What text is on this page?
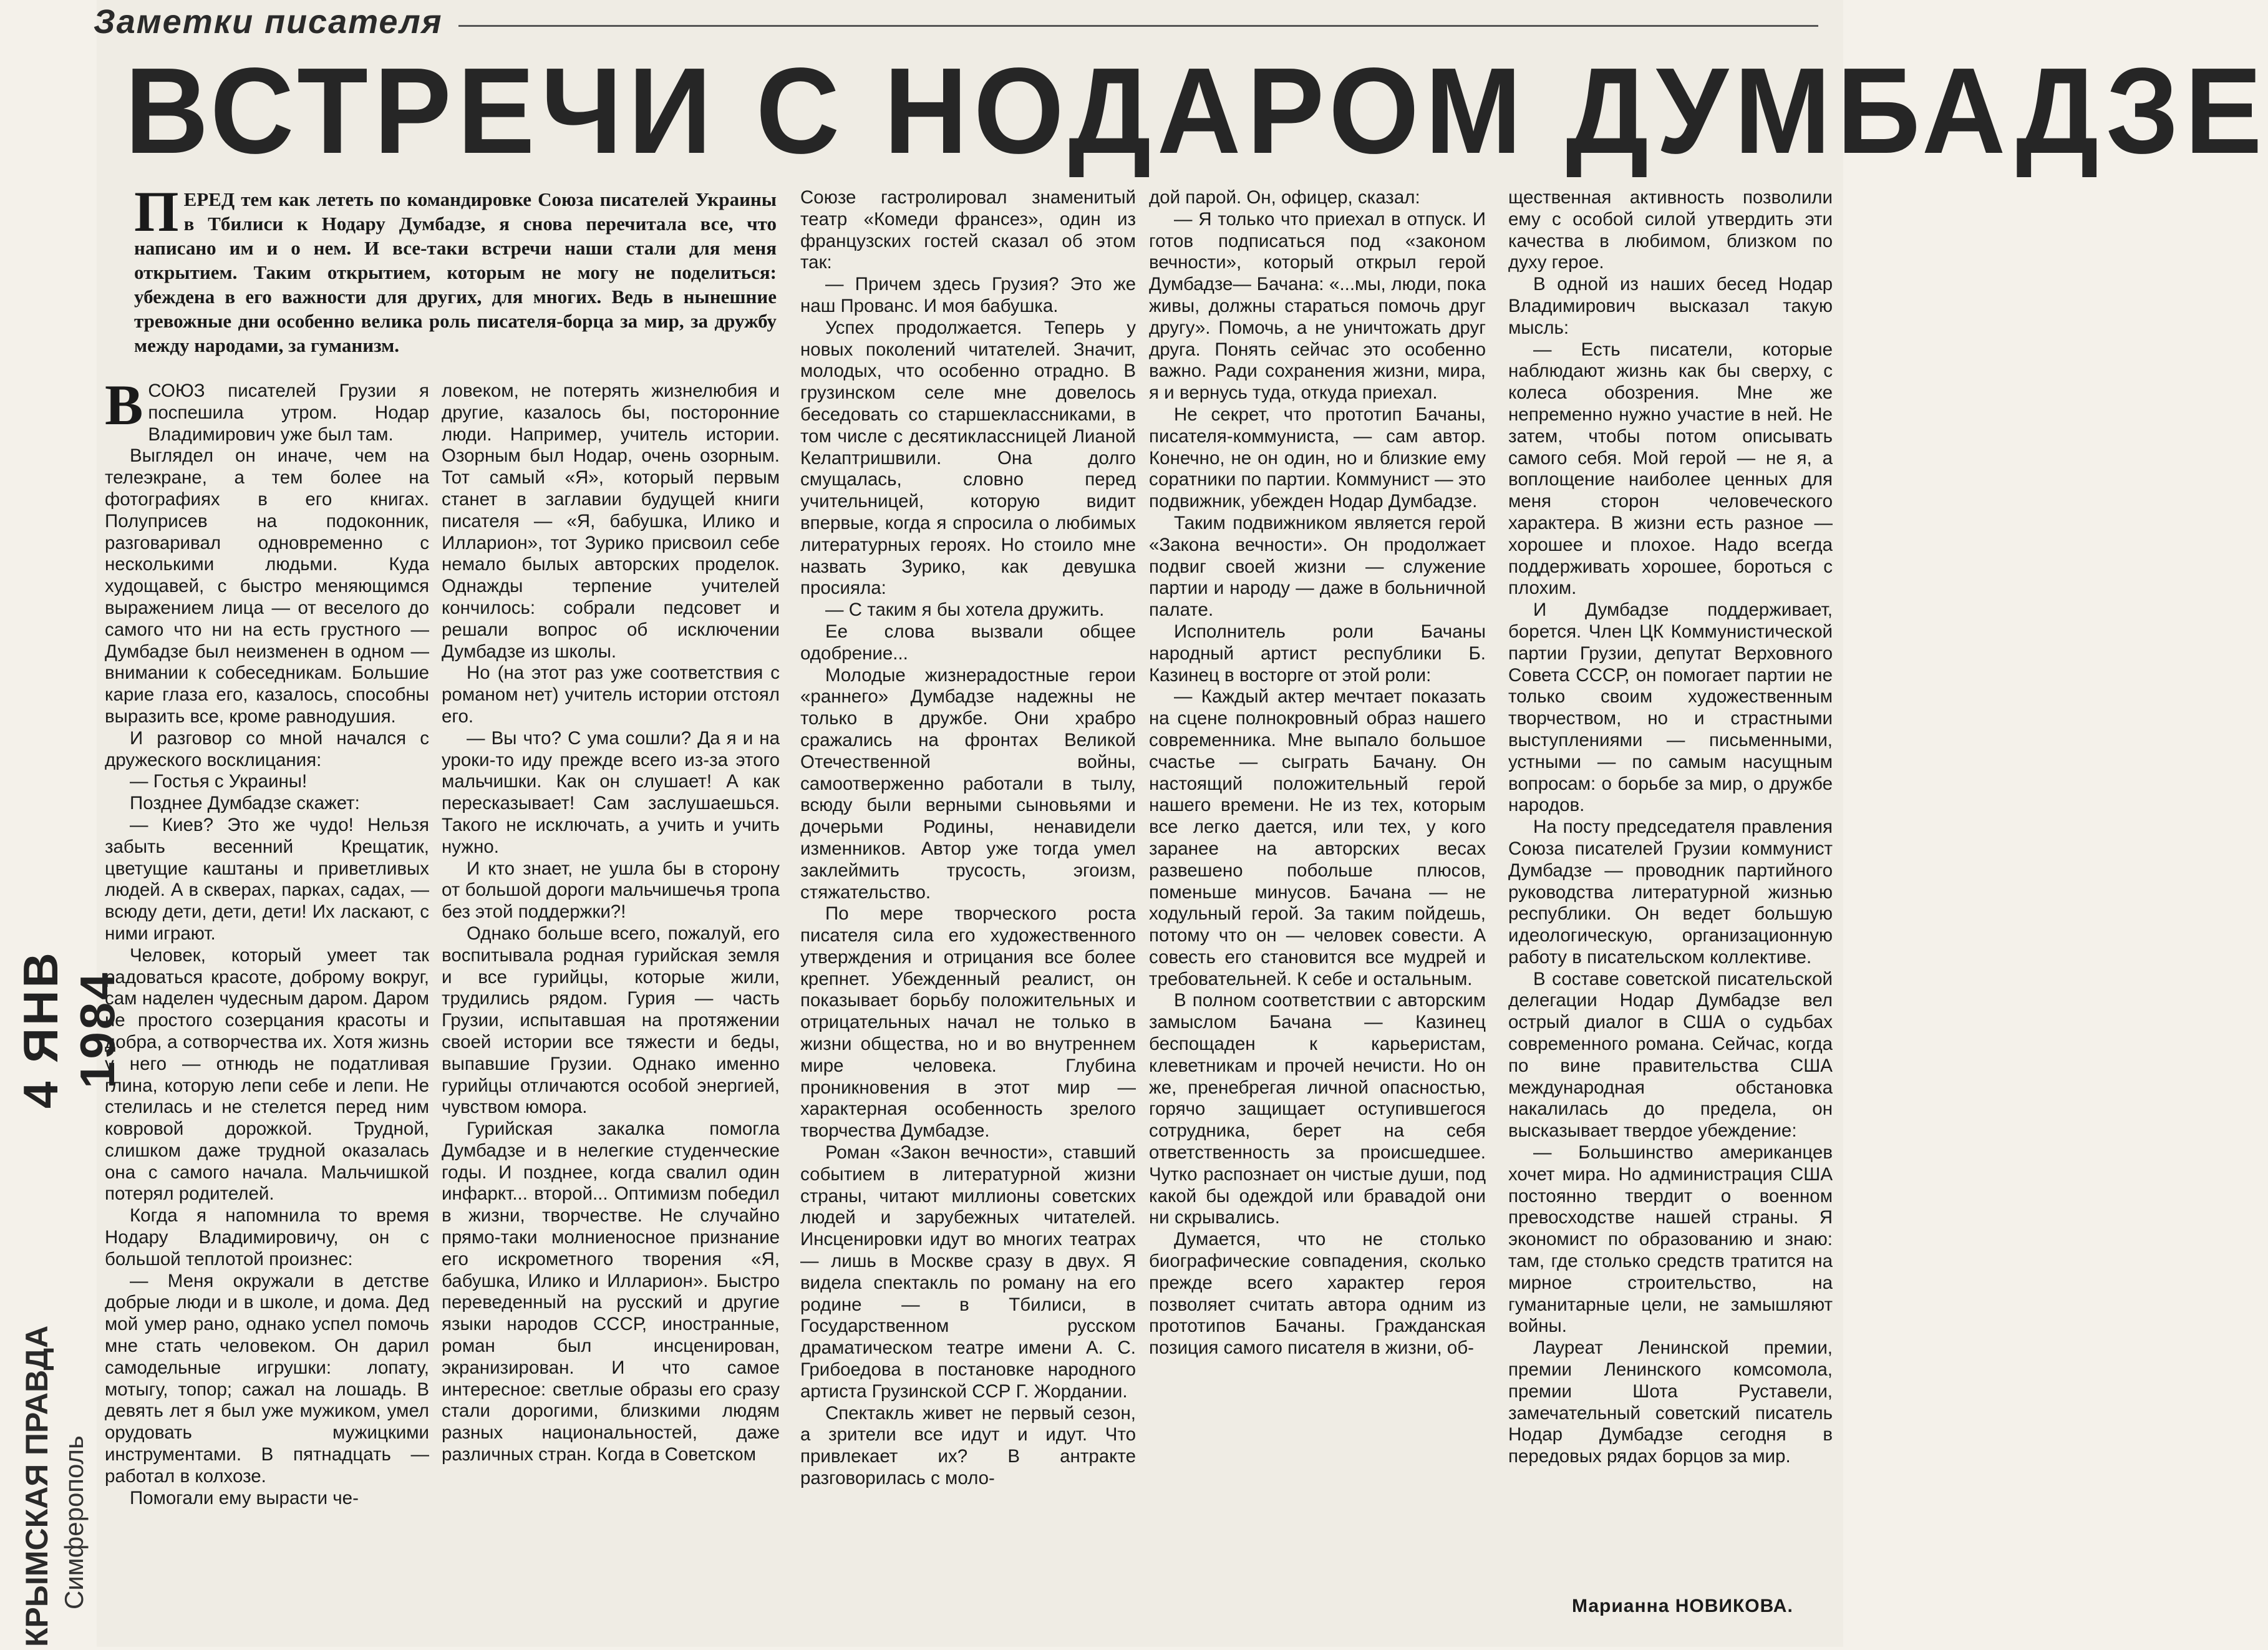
Заметки писателя
ВСТРЕЧИ С НОДАРОМ ДУМБАДЗЕ
П ЕРЕД тем как лететь по командировке Союза писателей Украины в Тбилиси к Нодару Думбадзе, я снова перечитала все, что написано им и о нем. И все-таки встречи наши стали для меня открытием. Таким открытием, которым не могу не поделиться: убеждена в его важности для других, для многих. Ведь в нынешние тревожные дни особенно велика роль писателя-борца за мир, за дружбу между народами, за гуманизм.

ВСОЮЗ писателей Грузии я поспешила утром. Нодар Владимирович уже был там.

Выглядел он иначе, чем на телеэкране, а тем более на фотографиях в его книгах. Полуприсев на подоконник, разговаривал одновременно с несколькими людьми. Куда худощавей, с быстро меняющимся выражением лица — от веселого до самого что ни на есть грустного — Думбадзе был неизменен в одном — внимании к собеседникам. Большие карие глаза его, казалось, способны выразить все, кроме равнодушия.

И разговор со мной начался с дружеского восклицания:

— Гостья с Украины!

Позднее Думбадзе скажет:

— Киев? Это же чудо! Нельзя забыть весенний Крещатик, цветущие каштаны и приветливых людей. А в скверах, парках, садах, — всюду дети, дети, дети! Их ласкают, с ними играют.

Человек, который умеет так радоваться красоте, доброму вокруг, сам наделен чудесным даром. Даром не простого созерцания красоты и добра, а сотворчества их. Хотя жизнь у него — отнюдь не податливая глина, которую лепи себе и лепи. Не стелилась и не стелется перед ним ковровой дорожкой. Трудной, слишком даже трудной оказалась она с самого начала. Мальчишкой потерял родителей.

Когда я напомнила то время Нодару Владимировичу, он с большой теплотой произнес:

— Меня окружали в детстве добрые люди и в школе, и дома. Дед мой умер рано, однако успел помочь мне стать человеком. Он дарил самодельные игрушки: лопату, мотыгу, топор; сажал на лошадь. В девять лет я был уже мужиком, умел орудовать мужицкими инструментами. В пятнадцать — работал в колхозе.

Помогали ему вырасти че-

ловеком, не потерять жизнелюбия и другие, казалось бы, посторонние люди. Например, учитель истории. Озорным был Нодар, очень озорным. Тот самый «Я», который первым станет в заглавии будущей книги писателя — «Я, бабушка, Илико и Илларион», тот Зурико присвоил себе немало былых авторских проделок. Однажды терпение учителей кончилось: собрали педсовет и решали вопрос об исключении Думбадзе из школы.

Но (на этот раз уже соответствия с романом нет) учитель истории отстоял его.

— Вы что? С ума сошли? Да я и на уроки-то иду прежде всего из-за этого мальчишки. Как он слушает! А как пересказывает! Сам заслушаешься. Такого не исключать, а учить и учить нужно.

И кто знает, не ушла бы в сторону от большой дороги мальчишечья тропа без этой поддержки?!

Однако больше всего, пожалуй, его воспитывала родная гурийская земля и все гурийцы, которые жили, трудились рядом. Гурия — часть Грузии, испытавшая на протяжении своей истории все тяжести и беды, выпавшие Грузии. Однако именно гурийцы отличаются особой энергией, чувством юмора.

Гурийская закалка помогла Думбадзе и в нелегкие студенческие годы. И позднее, когда свалил один инфаркт... второй... Оптимизм победил в жизни, творчестве. Не случайно прямо-таки молниеносное признание его искрометного творения «Я, бабушка, Илико и Илларион». Быстро переведенный на русский и другие языки народов СССР, иностранные, роман был инсценирован, экранизирован. И что самое интересное: светлые образы его сразу стали дорогими, близкими людям разных национальностей, даже различных стран. Когда в Советском

Союзе гастролировал знаменитый театр «Комеди франсез», один из французских гостей сказал об этом так:

— Причем здесь Грузия? Это же наш Прованс. И моя бабушка.

Успех продолжается. Теперь у новых поколений читателей. Значит, молодых, что особенно отрадно. В грузинском селе мне довелось беседовать со старшеклассниками, в том числе с десятиклассницей Лианой Келаптришвили. Она долго смущалась, словно перед учительницей, которую видит впервые, когда я спросила о любимых литературных героях. Но стоило мне назвать Зурико, как девушка просияла:

— С таким я бы хотела дружить.

Ее слова вызвали общее одобрение...

Молодые жизнерадостные герои «раннего» Думбадзе надежны не только в дружбе. Они храбро сражались на фронтах Великой Отечественной войны, самоотверженно работали в тылу, всюду были верными сыновьями и дочерьми Родины, ненавидели изменников. Автор уже тогда умел заклеймить трусость, эгоизм, стяжательство.

По мере творческого роста писателя сила его художественного утверждения и отрицания все более крепнет. Убежденный реалист, он показывает борьбу положительных и отрицательных начал не только в жизни общества, но и во внутреннем мире человека. Глубина проникновения в этот мир — характерная особенность зрелого творчества Думбадзе.

Роман «Закон вечности», ставший событием в литературной жизни страны, читают миллионы советских людей и зарубежных читателей. Инсценировки идут во многих театрах — лишь в Москве сразу в двух. Я видела спектакль по роману на его родине — в Тбилиси, в Государственном русском драматическом театре имени А. С. Грибоедова в постановке народного артиста Грузинской ССР Г. Жордании.

Спектакль живет не первый сезон, а зрители все идут и идут. Что привлекает их? В антракте разговорилась с моло-

дой парой. Он, офицер, сказал:

— Я только что приехал в отпуск. И готов подписаться под «законом вечности», который открыл герой Думбадзе— Бачана: «...мы, люди, пока живы, должны стараться помочь друг другу». Помочь, а не уничтожать друг друга. Понять сейчас это особенно важно. Ради сохранения жизни, мира, я и вернусь туда, откуда приехал.

Не секрет, что прототип Бачаны, писателя-коммуниста, — сам автор. Конечно, не он один, но и близкие ему соратники по партии. Коммунист — это подвижник, убежден Нодар Думбадзе.

Таким подвижником является герой «Закона вечности». Он продолжает подвиг своей жизни — служение партии и народу — даже в больничной палате.

Исполнитель роли Бачаны народный артист республики Б. Казинец в восторге от этой роли:

— Каждый актер мечтает показать на сцене полнокровный образ нашего современника. Мне выпало большое счастье — сыграть Бачану. Он настоящий положительный герой нашего времени. Не из тех, которым все легко дается, или тех, у кого заранее на авторских весах развешено побольше плюсов, поменьше минусов. Бачана — не ходульный герой. За таким пойдешь, потому что он — человек совести. А совесть его становится все мудрей и требовательней. К себе и остальным.

В полном соответствии с авторским замыслом Бачана — Казинец беспощаден к карьеристам, клеветникам и прочей нечисти. Но он же, пренебрегая личной опасностью, горячо защищает оступившегося сотрудника, берет на себя ответственность за происшедшее. Чутко распознает он чистые души, под какой бы одеждой или бравадой они ни скрывались.

Думается, что не столько биографические совпадения, сколько прежде всего характер героя позволяет считать автора одним из прототипов Бачаны. Гражданская позиция самого писателя в жизни, об-

щественная активность позволили ему с особой силой утвердить эти качества в любимом, близком по духу герое.

В одной из наших бесед Нодар Владимирович высказал такую мысль:

— Есть писатели, которые наблюдают жизнь как бы сверху, с колеса обозрения. Мне же непременно нужно участие в ней. Не затем, чтобы потом описывать самого себя. Мой герой — не я, а воплощение наиболее ценных для меня сторон человеческого характера. В жизни есть разное — хорошее и плохое. Надо всегда поддерживать хорошее, бороться с плохим.

И Думбадзе поддерживает, борется. Член ЦК Коммунистической партии Грузии, депутат Верховного Совета СССР, он помогает партии не только своим художественным творчеством, но и страстными выступлениями — письменными, устными — по самым насущным вопросам: о борьбе за мир, о дружбе народов.

На посту председателя правления Союза писателей Грузии коммунист Думбадзе — проводник партийного руководства литературной жизнью республики. Он ведет большую идеологическую, организационную работу в писательском коллективе.

В составе советской писательской делегации Нодар Думбадзе вел острый диалог в США о судьбах современного романа. Сейчас, когда по вине правительства США международная обстановка накалилась до предела, он высказывает твердое убеждение:

— Большинство американцев хочет мира. Но администрация США постоянно твердит о военном превосходстве нашей страны. Я экономист по образованию и знаю: там, где столько средств тратится на мирное строительство, на гуманитарные цели, не замышляют войны.

Лауреат Ленинской премии, премии Ленинского комсомола, премии Шота Руставели, замечательный советский писатель Нодар Думбадзе сегодня в передовых рядах борцов за мир.

Марианна НОВИКОВА.
4 ЯНВ 1984
КРЫМСКАЯ ПРАВДА Симферополь
